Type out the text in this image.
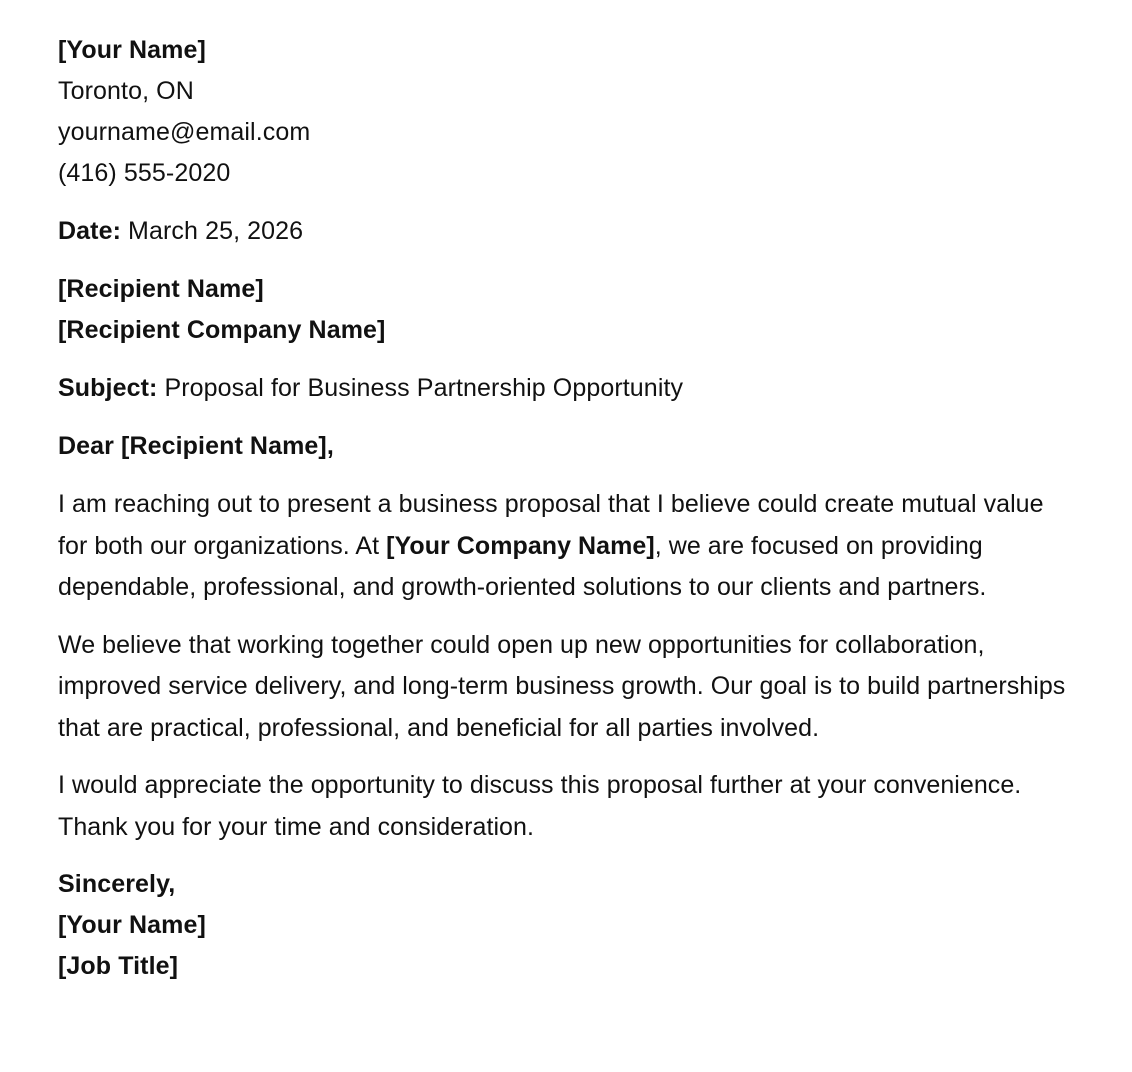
[Your Name]
Toronto, ON
yourname@email.com
(416) 555-2020
Date: March 25, 2026
[Recipient Name]
[Recipient Company Name]
Subject: Proposal for Business Partnership Opportunity
Dear [Recipient Name],

I am reaching out to present a business proposal that I believe could create mutual value for both our organizations. At [Your Company Name], we are focused on providing dependable, professional, and growth-oriented solutions to our clients and partners.

We believe that working together could open up new opportunities for collaboration, improved service delivery, and long-term business growth. Our goal is to build partnerships that are practical, professional, and beneficial for all parties involved.

I would appreciate the opportunity to discuss this proposal further at your convenience. Thank you for your time and consideration.

Sincerely,
[Your Name]
[Job Title]
